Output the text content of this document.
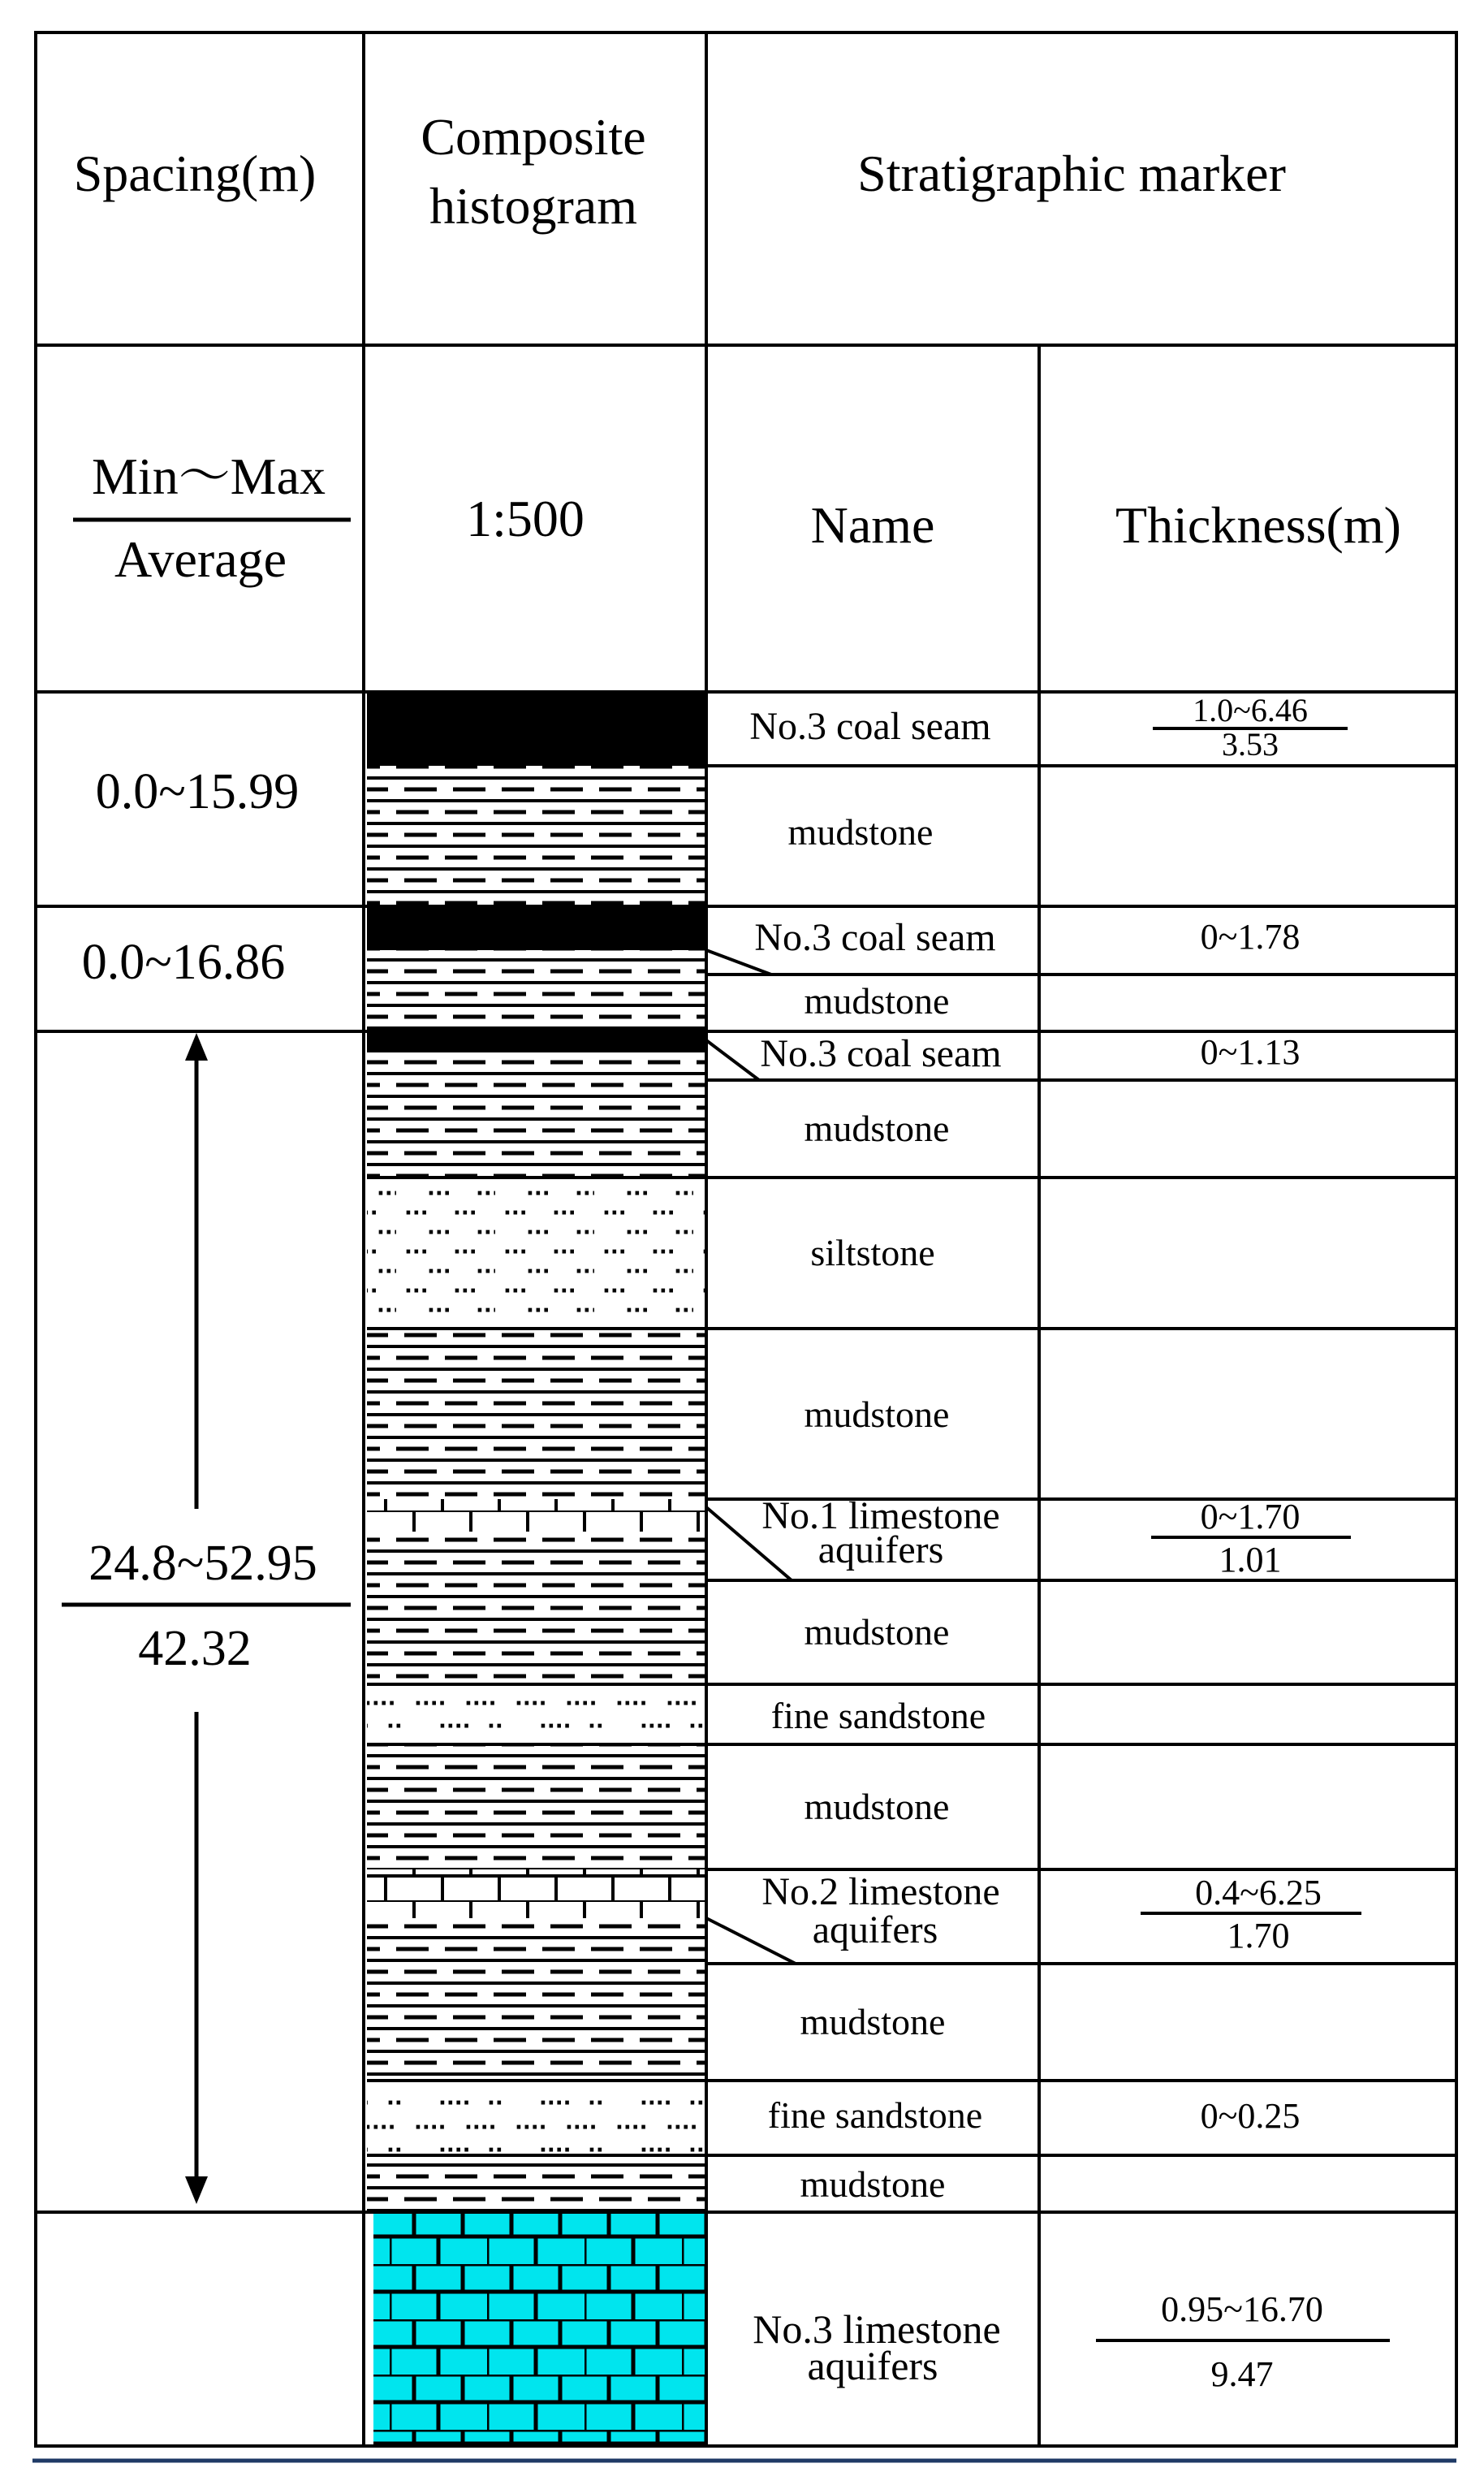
Spacing(m)
Composite
histogram
Stratigraphic marker
Min～Max
Average
1:500	Name	Thickness(m)
0.0~15.99
0.0~16.86
24.8~52.95
42.32
No.3 coal seam
mudstone
No.3 coal seam
mudstone
No.3 coal seam
mudstone
siltstone
mudstone
No.1 limestone
aquifers
mudstone
fine sandstone
mudstone
No.2 limestone
aquifers
mudstone
fine sandstone
mudstone
No.3 limestone
aquifers
1.0~6.46
3.53
0~1.78
0~1.13
0~1.70
1.01
0.4~6.25
1.70
0~0.25
0.95~16.70
9.47
